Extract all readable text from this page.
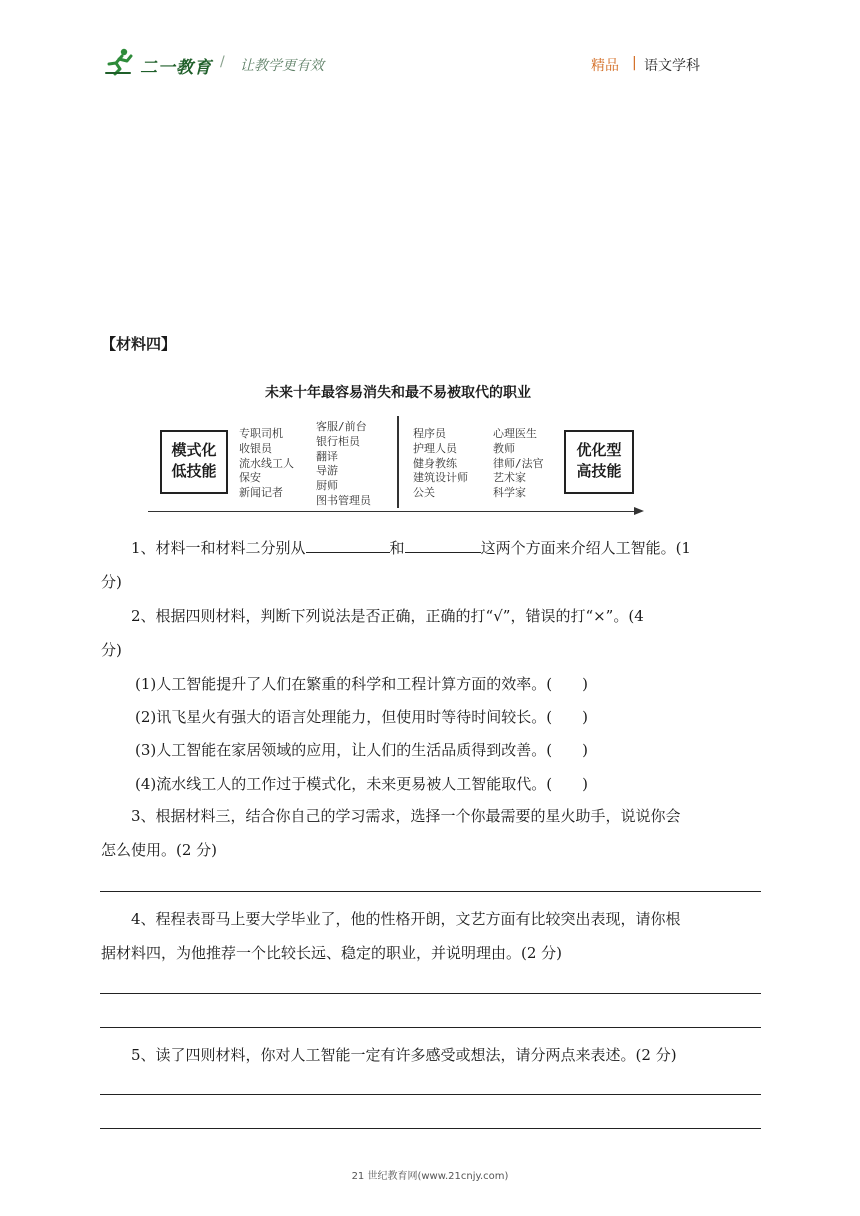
二一教育 / 让教学更有效	精品 | 语文学科
【材料四】
未来十年最容易消失和最不易被取代的职业
模式化
低技能
专职司机
收银员
流水线工人
保安
新闻记者
客服/前台
银行柜员
翻译
导游
厨师
图书管理员
程序员
护理人员
健身教练
建筑设计师
公关
心理医生
教师
律师/法官
艺术家
科学家
优化型
高技能

1、材料一和材料二分别从	和	这两个方面来介绍人工智能。(1

分)

2、根据四则材料，判断下列说法是否正确，正确的打“√”，错误的打“×”。(4

分)
(1)人工智能提升了人们在繁重的科学和工程计算方面的效率。(　　)
(2)讯飞星火有强大的语言处理能力，但使用时等待时间较长。(　　)
(3)人工智能在家居领域的应用，让人们的生活品质得到改善。(　　)
(4)流水线工人的工作过于模式化，未来更易被人工智能取代。(　　)

3、根据材料三，结合你自己的学习需求，选择一个你最需要的星火助手，说说你会

怎么使用。(2 分)

4、程程表哥马上要大学毕业了，他的性格开朗，文艺方面有比较突出表现，请你根

据材料四，为他推荐一个比较长远、稳定的职业，并说明理由。(2 分)

5、读了四则材料，你对人工智能一定有许多感受或想法，请分两点来表述。(2 分)

21 世纪教育网(www.21cnjy.com)
